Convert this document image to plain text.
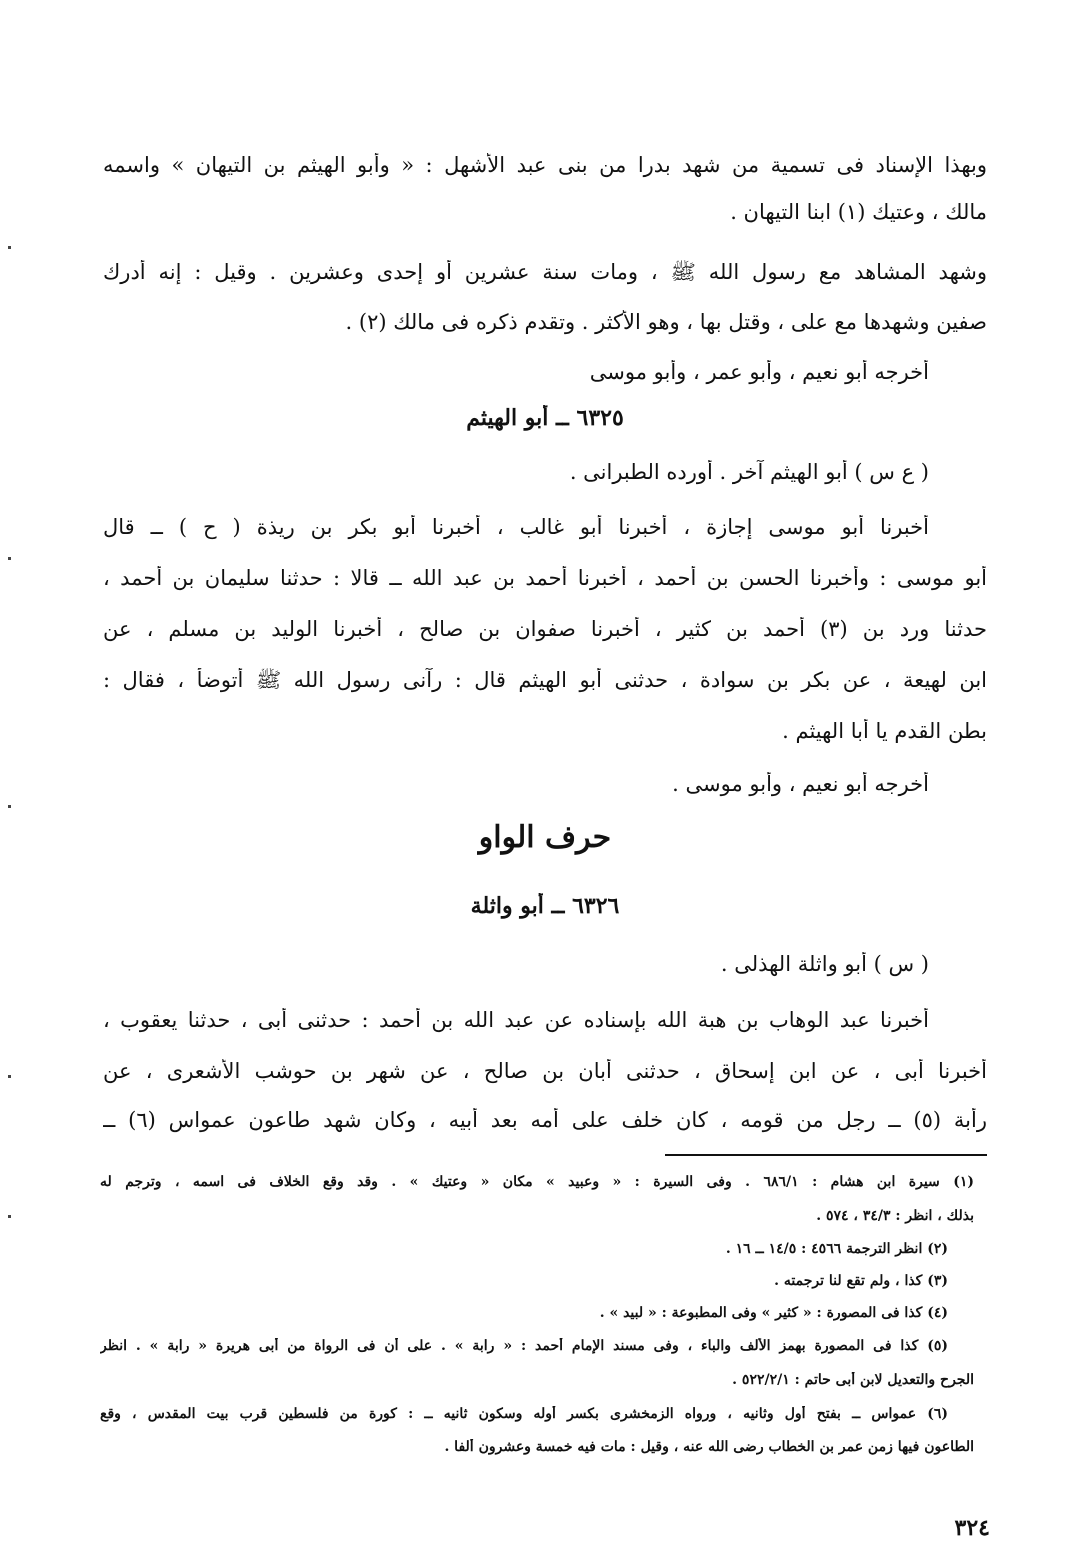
وبهذا الإسناد فى تسمية من شهد بدرا من بنى عبد الأشهل : « وأبو الهيثم بن التيهان » واسمه
مالك ، وعتيك (١) ابنا التيهان .
وشهد المشاهد مع رسول الله ﷺ ، ومات سنة عشرين أو إحدى وعشرين . وقيل : إنه أدرك
صفين وشهدها مع على ، وقتل بها ، وهو الأكثر . وتقدم ذكره فى مالك (٢) .
أخرجه أبو نعيم ، وأبو عمر ، وأبو موسى
٦٣٢٥ ــ أبو الهيثم
( ع س ) أبو الهيثم آخر . أورده الطبرانى .
أخبرنا أبو موسى إجازة ، أخبرنا أبو غالب ، أخبرنا أبو بكر بن ريذة ( ح ) ــ قال
أبو موسى : وأخبرنا الحسن بن أحمد ، أخبرنا أحمد بن عبد الله ــ قالا : حدثنا سليمان بن أحمد ،
حدثنا ورد بن (٣) أحمد بن كثير ، أخبرنا صفوان بن صالح ، أخبرنا الوليد بن مسلم ، عن
ابن لهيعة ، عن بكر بن سوادة ، حدثنى أبو الهيثم قال : رآنى رسول الله ﷺ أتوضأ ، فقال :
بطن القدم يا أبا الهيثم .
أخرجه أبو نعيم ، وأبو موسى .
حرف الواو
٦٣٢٦ ــ أبو واثلة
( س ) أبو واثلة الهذلى .
أخبرنا عبد الوهاب بن هبة الله بإسناده عن عبد الله بن أحمد : حدثنى أبى ، حدثنا يعقوب ،
أخبرنا أبى ، عن ابن إسحاق ، حدثنى أبان بن صالح ، عن شهر بن حوشب الأشعرى ، عن
رأبة (٥) ــ رجل من قومه ، كان خلف على أمه بعد أبيه ، وكان شهد طاعون عمواس (٦) ــ
(١) سيرة ابن هشام : ٦٨٦/١ . وفى السيرة : « وعبيد » مكان « وعتيك » . وقد وقع الخلاف فى اسمه ، وترجم له
بذلك ، انظر : ٣٤/٣ ، ٥٧٤ .
(٢) انظر الترجمة ٤٥٦٦ : ١٤/٥ ــ ١٦ .
(٣) كذا ، ولم تقع لنا ترجمته .
(٤) كذا فى المصورة : « كثير » وفى المطبوعة : « لبيد » .
(٥) كذا فى المصورة بهمز الألف والباء ، وفى مسند الإمام أحمد : « رابة » . على أن فى الرواة من أبى هريرة « رابة » . انظر
الجرح والتعديل لابن أبى حاتم : ٥٢٢/٢/١ .
(٦) عمواس ــ بفتح أول وثانيه ، ورواه الزمخشرى بكسر أوله وسكون ثانيه ــ : كورة من فلسطين قرب بيت المقدس ، وقع
الطاعون فيها زمن عمر بن الخطاب رضى الله عنه ، وقيل : مات فيه خمسة وعشرون ألفا .
٣٢٤
